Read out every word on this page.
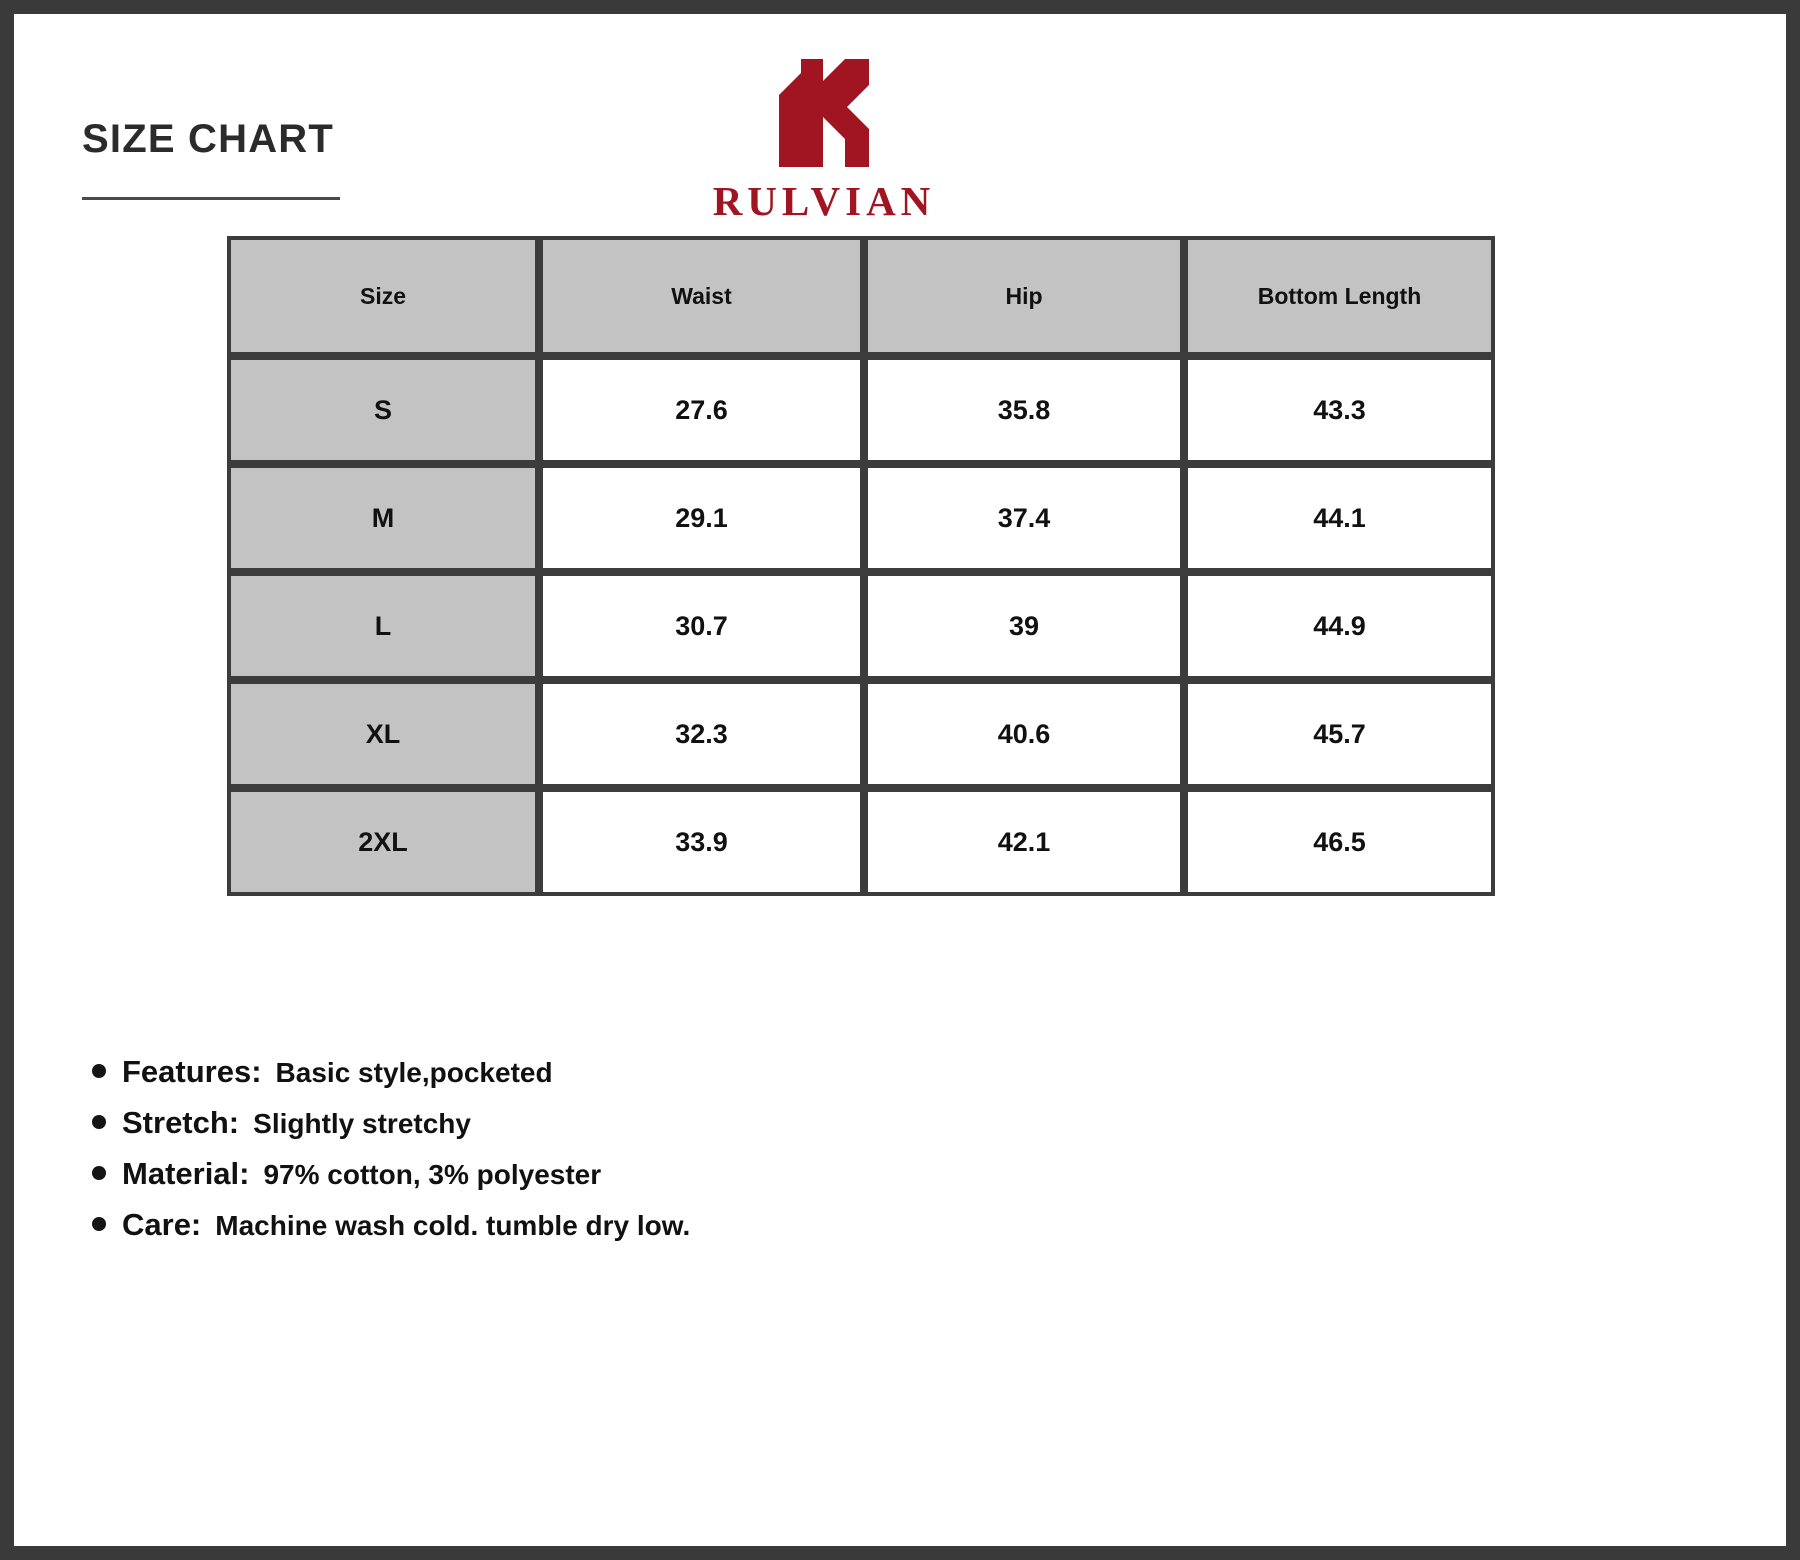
SIZE CHART
RULVIAN
Size	Waist	Hip	Bottom Length
S	27.6	35.8	43.3
M	29.1	37.4	44.1
L	30.7	39	44.9
XL	32.3	40.6	45.7
2XL	33.9	42.1	46.5
Features: Basic style,pocketed
Stretch: Slightly stretchy
Material: 97% cotton, 3% polyester
Care: Machine wash cold. tumble dry low.
